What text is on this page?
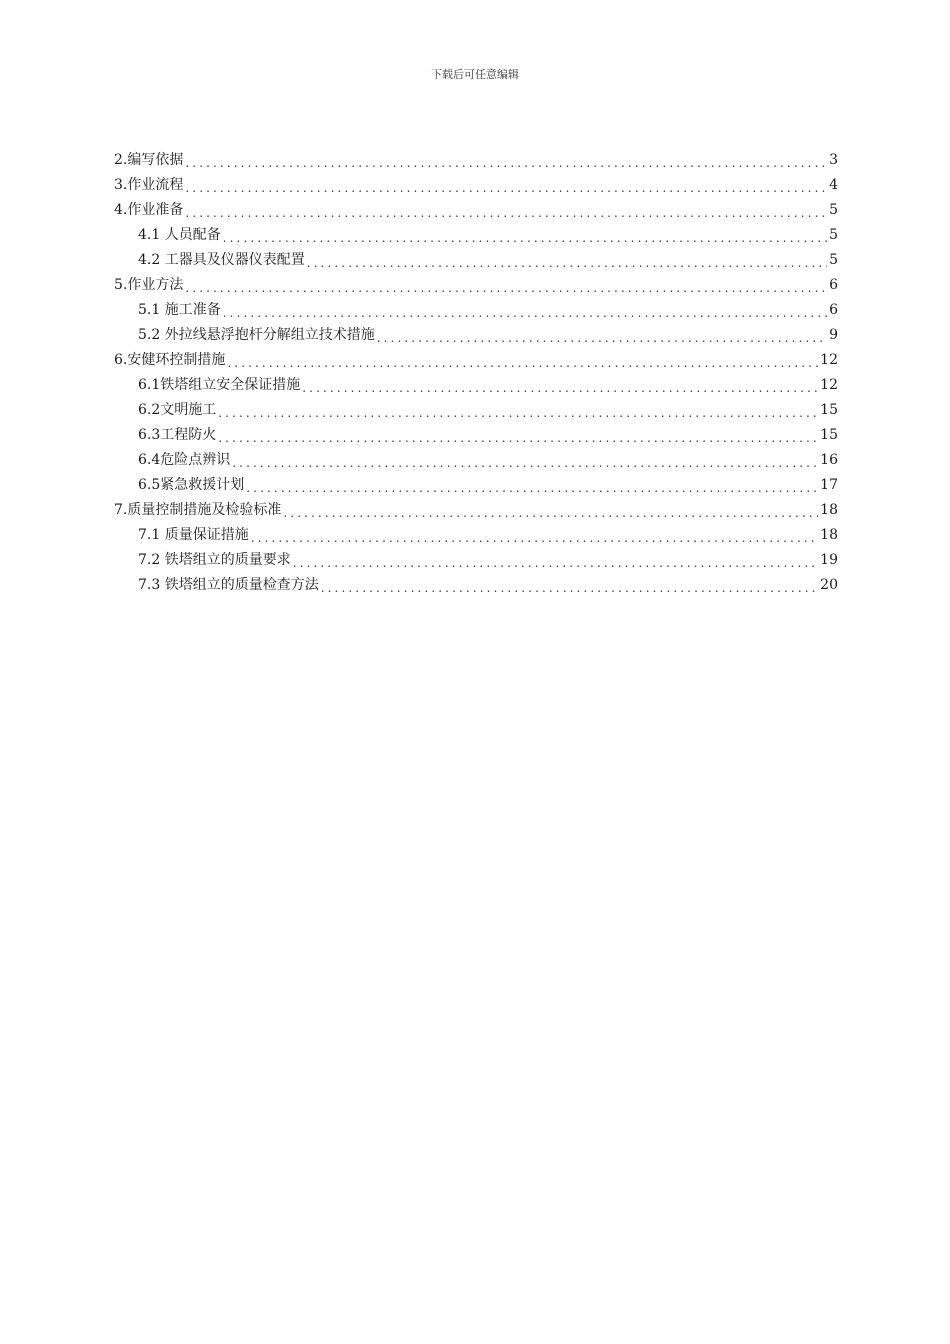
下载后可任意编辑
2.编写依据 .....	3
3.作业流程 .....	4
4.作业准备 .....	5
4.1 人员配备 .....	5
4.2 工器具及仪器仪表配置 .....	5
5.作业方法 .....	6
5.1 施工准备 .....	6
5.2 外拉线悬浮抱杆分解组立技术措施 .....	9
6.安健环控制措施 .....	12
6.1铁塔组立安全保证措施 .....	12
6.2文明施工 .....	15
6.3工程防火 .....	15
6.4危险点辨识 .....	16
6.5紧急救援计划 .....	17
7.质量控制措施及检验标准 .....	18
7.1 质量保证措施 .....	18
7.2 铁塔组立的质量要求 .....	19
7.3 铁塔组立的质量检查方法 .....	20
